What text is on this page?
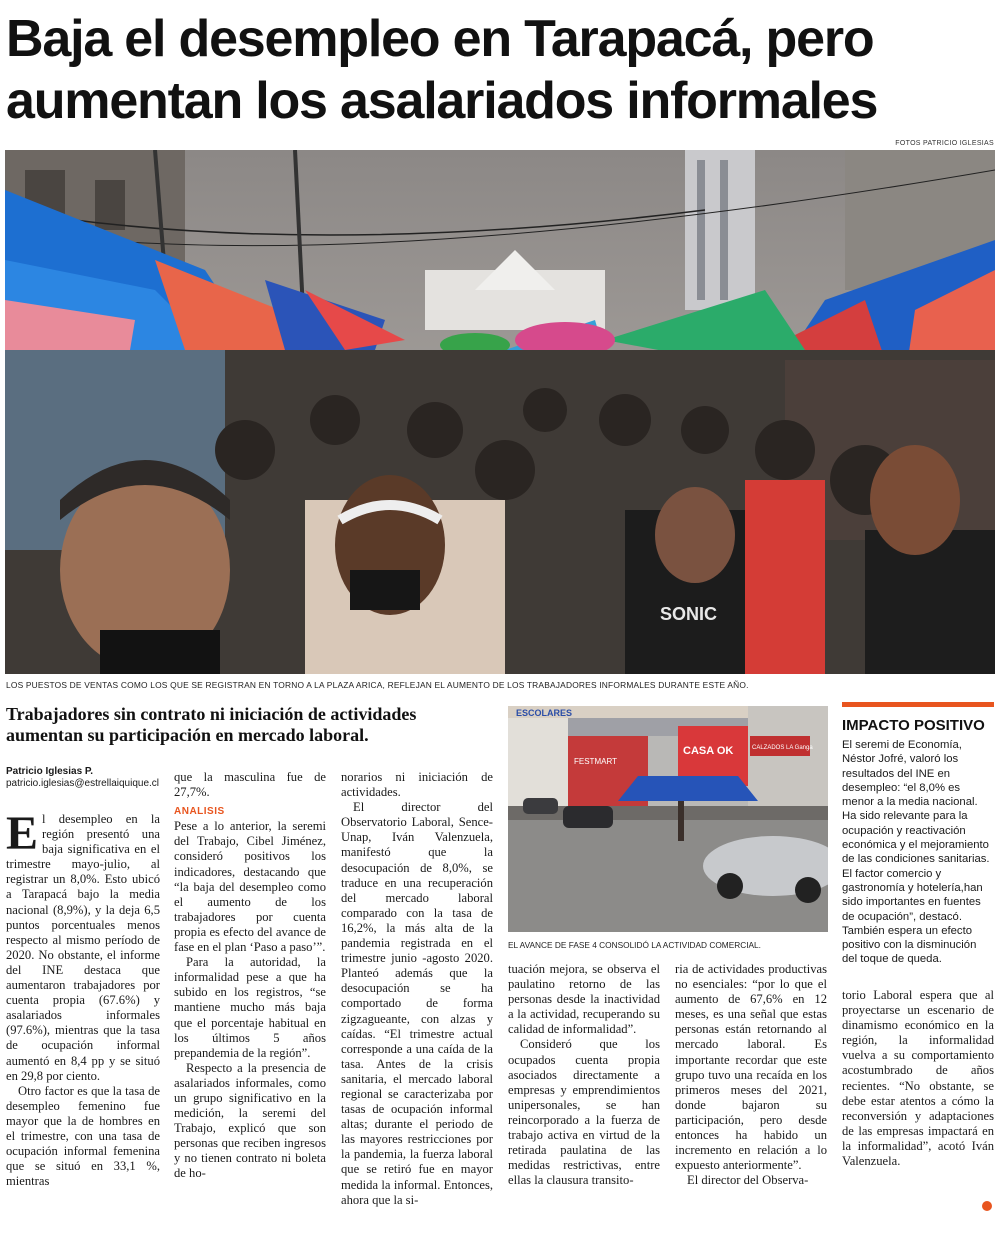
Baja el desempleo en Tarapacá, pero aumentan los asalariados informales
FOTOS PATRICIO IGLESIAS
SONIC
LOS PUESTOS DE VENTAS COMO LOS QUE SE REGISTRAN EN TORNO A LA PLAZA ARICA, REFLEJAN EL AUMENTO DE LOS TRABAJADORES INFORMALES DURANTE ESTE AÑO.
Trabajadores sin contrato ni iniciación de actividades aumentan su participación en mercado laboral.
Patricio Iglesias P.
patricio.iglesias@estrellaiquique.cl

El desempleo en la región presentó una baja significativa en el trimestre mayo-julio, al registrar un 8,0%. Esto ubicó a Tarapacá bajo la media nacional (8,9%), y la deja 6,5 puntos porcentuales menos respecto al mismo período de 2020. No obstante, el informe del INE destaca que aumentaron trabajadores por cuenta propia (67.6%) y asalariados informales (97.6%), mientras que la tasa de ocupación informal aumentó en 8,4 pp y se situó en 29,8 por ciento.

Otro factor es que la tasa de desempleo femenino fue mayor que la de hombres en el trimestre, con una tasa de ocupación informal femenina que se situó en 33,1 %, mientras

que la masculina fue de 27,7%.

ANALISIS

Pese a lo anterior, la seremi del Trabajo, Cibel Jiménez, consideró positivos los indicadores, destacando que “la baja del desempleo como el aumento de los trabajadores por cuenta propia es efecto del avance de fase en el plan ‘Paso a paso’”.

Para la autoridad, la informalidad pese a que ha subido en los registros, “se mantiene mucho más baja que el porcentaje habitual en los últimos 5 años prepandemia de la región”.

Respecto a la presencia de asalariados informales, como un grupo significativo en la medición, la seremi del Trabajo, explicó que son personas que reciben ingresos y no tienen contrato ni boleta de ho-

norarios ni iniciación de actividades.

El director del Observatorio Laboral, Sence-Unap, Iván Valenzuela, manifestó que la desocupación de 8,0%, se traduce en una recuperación del mercado laboral comparado con la tasa de 16,2%, la más alta de la pandemia registrada en el trimestre junio -agosto 2020. Planteó además que la desocupación se ha comportado de forma zigzagueante, con alzas y caídas. “El trimestre actual corresponde a una caída de la tasa. Antes de la crisis sanitaria, el mercado laboral regional se caracterizaba por tasas de ocupación informal altas; durante el periodo de las mayores restricciones por la pandemia, la fuerza laboral que se retiró fue en mayor medida la informal. Entonces, ahora que la si-

ESCOLARES
FESTMART
CASA OK	CALZADOS LA Ganga
EL AVANCE DE FASE 4 CONSOLIDÓ LA ACTIVIDAD COMERCIAL.
IMPACTO POSITIVO

El seremi de Economía, Néstor Jofré, valoró los resultados del INE en desempleo: “el 8,0% es menor a la media nacional. Ha sido relevante para la ocupación y reactivación económica y el mejoramiento de las condiciones sanitarias. El factor comercio y gastronomía y hotelería,han sido importantes en fuentes de ocupación”, destacó. También espera un efecto positivo con la disminución del toque de queda.

tuación mejora, se observa el paulatino retorno de las personas desde la inactividad a la actividad, recuperando su calidad de informalidad”.

Consideró que los ocupados cuenta propia asociados directamente a empresas y emprendimientos unipersonales, se han reincorporado a la fuerza de trabajo activa en virtud de la retirada paulatina de las medidas restrictivas, entre ellas la clausura transito-

ria de actividades productivas no esenciales: “por lo que el aumento de 67,6% en 12 meses, es una señal que estas personas están retornando al mercado laboral. Es importante recordar que este grupo tuvo una recaída en los primeros meses del 2021, donde bajaron su participación, pero desde entonces ha habido un incremento en relación a lo expuesto anteriormente”.

El director del Observa-

torio Laboral espera que al proyectarse un escenario de dinamismo económico en la región, la informalidad vuelva a su comportamiento acostumbrado de años recientes. “No obstante, se debe estar atentos a cómo la reconversión y adaptaciones de las empresas impactará en la informalidad”, acotó Iván Valenzuela.
